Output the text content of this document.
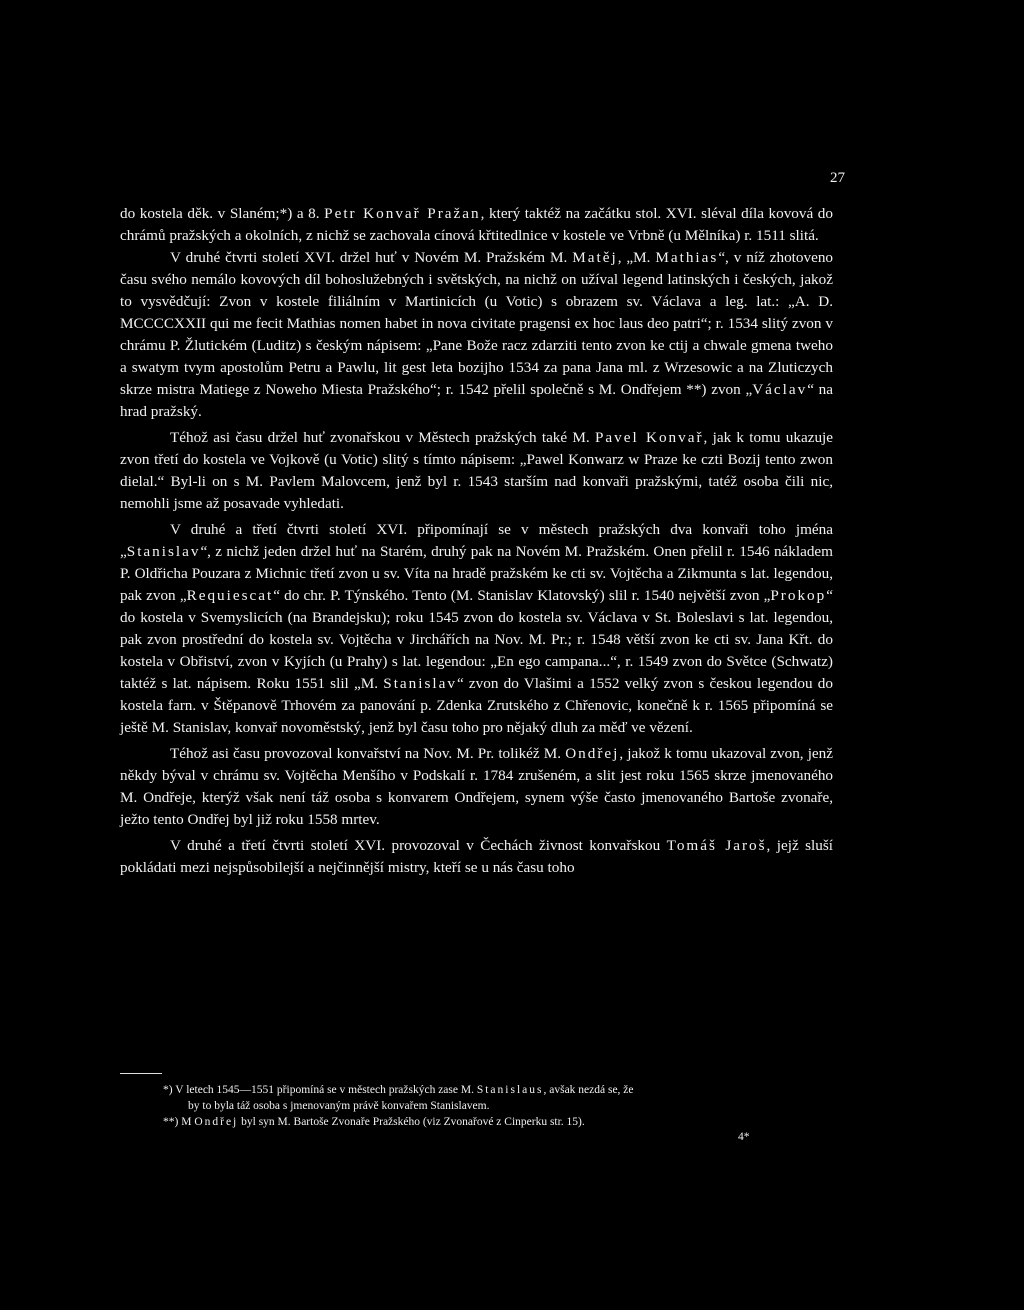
27

do kostela děk. v Slaném;*) a 8. Petr Konvař Pražan, který taktéž na začátku stol. XVI. sléval díla kovová do chrámů pražských a okolních, z nichž se zachovala cínová křtitedlnice v kostele ve Vrbně (u Mělníka) r. 1511 slitá.

V druhé čtvrti století XVI. držel huť v Novém M. Pražském M. Matěj, „M. Mathias“, v níž zhotoveno času svého nemálo kovových díl bohoslužebných i světských, na nichž on užíval legend latinských i českých, jakož to vysvědčují: Zvon v kostele filiálním v Martinicích (u Votic) s obrazem sv. Václava a leg. lat.: „A. D. MCCCCXXII qui me fecit Mathias nomen habet in nova civitate pragensi ex hoc laus deo patri“; r. 1534 slitý zvon v chrámu P. Žlutickém (Luditz) s českým nápisem: „Pane Bože racz zdarziti tento zvon ke ctij a chwale gmena tweho a swatym tvym apostolům Petru a Pawlu, lit gest leta bozijho 1534 za pana Jana ml. z Wrzesowic a na Zluticzych skrze mistra Matiege z Noweho Miesta Pražského“; r. 1542 přelil společně s M. Ondřejem **) zvon „Václav“ na hrad pražský.

Téhož asi času držel huť zvonařskou v Městech pražských také M. Pavel Konvař, jak k tomu ukazuje zvon třetí do kostela ve Vojkově (u Votic) slitý s tímto nápisem: „Pawel Konwarz w Praze ke czti Bozij tento zwon dielal.“ Byl-li on s M. Pavlem Malovcem, jenž byl r. 1543 starším nad konvaři pražskými, tatéž osoba čili nic, nemohli jsme až posavade vyhledati.

V druhé a třetí čtvrti století XVI. připomínají se v městech pražských dva konvaři toho jména „Stanislav“, z nichž jeden držel huť na Starém, druhý pak na Novém M. Pražském. Onen přelil r. 1546 nákladem P. Oldřicha Pouzara z Michnic třetí zvon u sv. Víta na hradě pražském ke cti sv. Vojtěcha a Zikmunta s lat. legendou, pak zvon „Requiescat“ do chr. P. Týnského. Tento (M. Stanislav Klatovský) slil r. 1540 největší zvon „Prokop“ do kostela v Svemyslicích (na Brandejsku); roku 1545 zvon do kostela sv. Václava v St. Boleslavi s lat. legendou, pak zvon prostřední do kostela sv. Vojtěcha v Jirchářích na Nov. M. Pr.; r. 1548 větší zvon ke cti sv. Jana Křt. do kostela v Obřiství, zvon v Kyjích (u Prahy) s lat. legendou: „En ego campana...“, r. 1549 zvon do Světce (Schwatz) taktéž s lat. nápisem. Roku 1551 slil „M. Stanislav“ zvon do Vlašimi a 1552 velký zvon s českou legendou do kostela farn. v Štěpanově Trhovém za panování p. Zdenka Zrutského z Chřenovic, konečně k r. 1565 připomíná se ještě M. Stanislav, konvař novoměstský, jenž byl času toho pro nějaký dluh za měď ve vězení.

Téhož asi času provozoval konvařství na Nov. M. Pr. tolikéž M. Ondřej, jakož k tomu ukazoval zvon, jenž někdy býval v chrámu sv. Vojtěcha Menšího v Podskalí r. 1784 zrušeném, a slit jest roku 1565 skrze jmenovaného M. Ondřeje, kterýž však není táž osoba s konvarem Ondřejem, synem výše často jmenovaného Bartoše zvonaře, ježto tento Ondřej byl již roku 1558 mrtev.

V druhé a třetí čtvrti století XVI. provozoval v Čechách živnost konvařskou Tomáš Jaroš, jejž sluší pokládati mezi nejspůsobilejší a nejčinnější mistry, kteří se u nás času toho

*) V letech 1545—1551 připomíná se v městech pražských zase M. Stanislaus, avšak nezdá se, že

by to byla táž osoba s jmenovaným právě konvařem Stanislavem.

**) M Ondřej byl syn M. Bartoše Zvonaře Pražského (viz Zvonařové z Cinperku str. 15).

4*
